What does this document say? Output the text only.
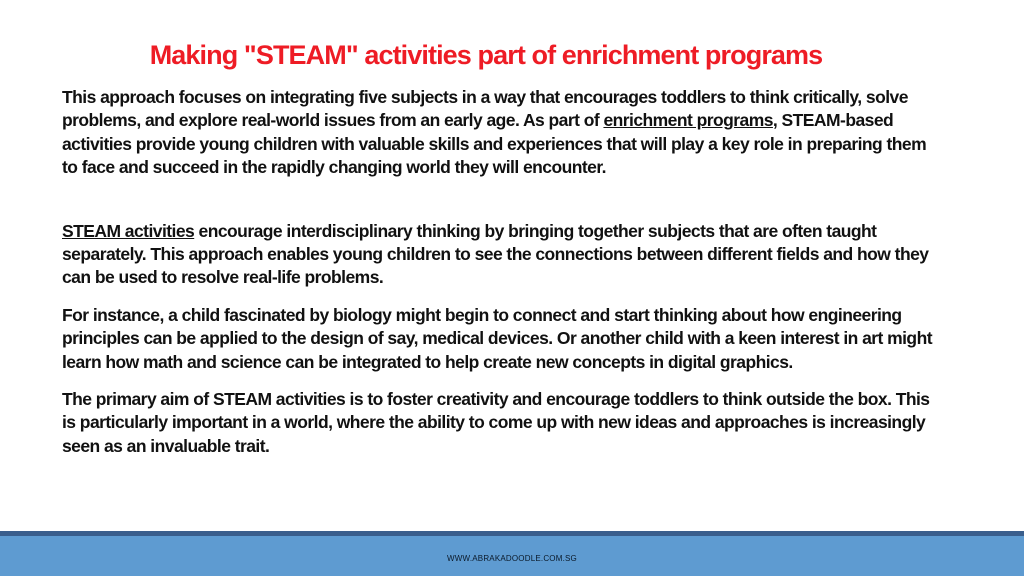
Making "STEAM" activities part of enrichment programs

This approach focuses on integrating five subjects in a way that encourages toddlers to think critically, solve problems, and explore real-world issues from an early age. As part of enrichment programs, STEAM-based activities provide young children with valuable skills and experiences that will play a key role in preparing them to face and succeed in the rapidly changing world they will encounter.

STEAM activities encourage interdisciplinary thinking by bringing together subjects that are often taught separately. This approach enables young children to see the connections between different fields and how they can be used to resolve real-life problems.

For instance, a child fascinated by biology might begin to connect and start thinking about how engineering principles can be applied to the design of say, medical devices. Or another child with a keen interest in art might learn how math and science can be integrated to help create new concepts in digital graphics.

The primary aim of STEAM activities is to foster creativity and encourage toddlers to think outside the box. This is particularly important in a world, where the ability to come up with new ideas and approaches is increasingly seen as an invaluable trait.

WWW.ABRAKADOODLE.COM.SG
